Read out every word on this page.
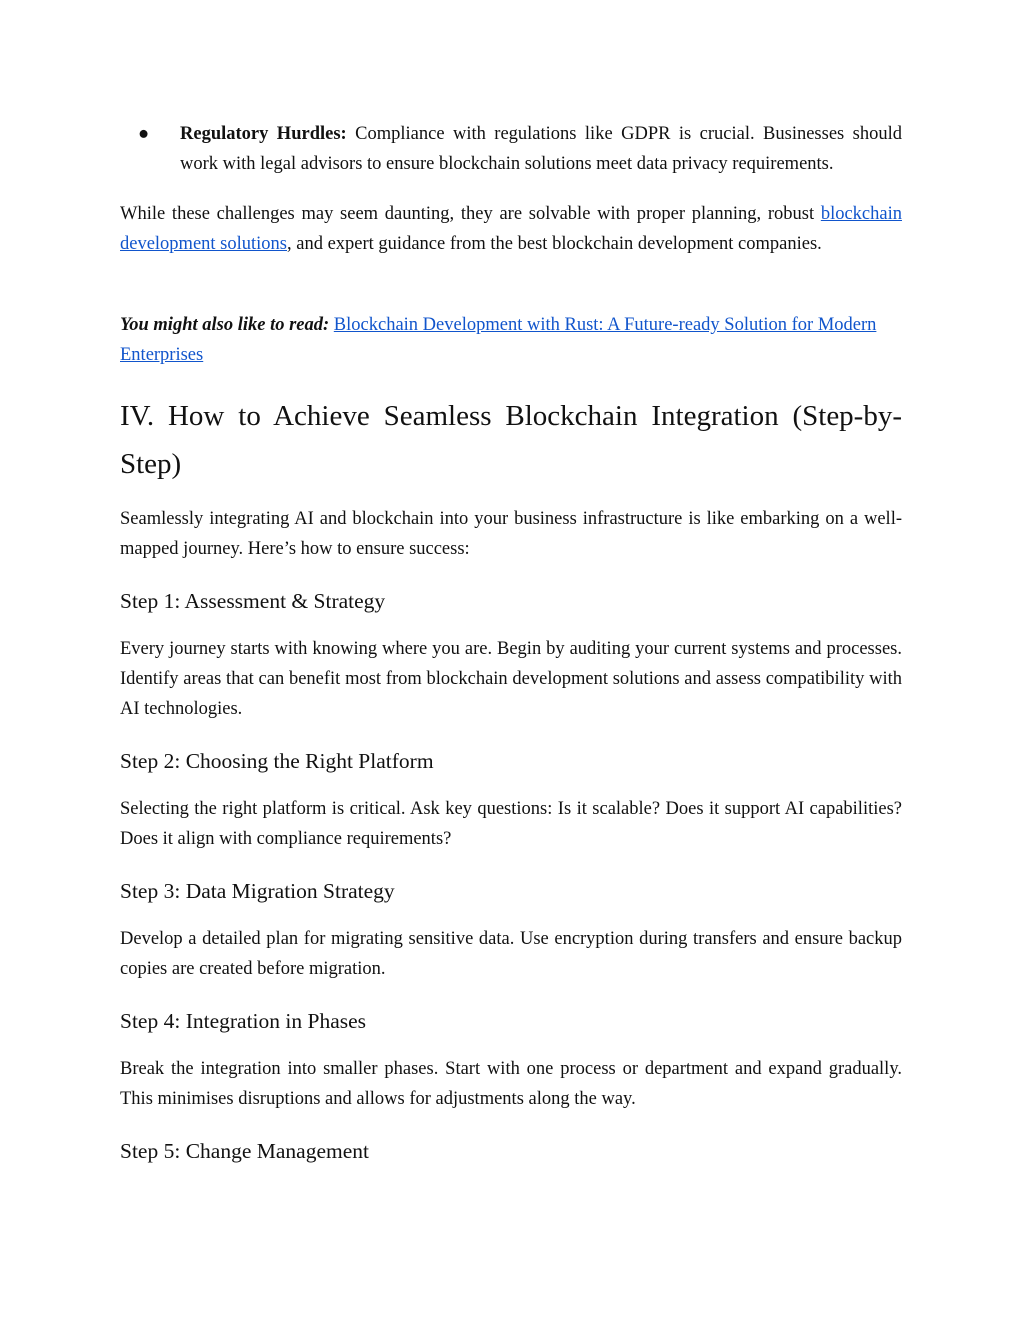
●	Regulatory Hurdles: Compliance with regulations like GDPR is crucial. Businesses should work with legal advisors to ensure blockchain solutions meet data privacy requirements.
While these challenges may seem daunting, they are solvable with proper planning, robust blockchain development solutions, and expert guidance from the best blockchain development companies.
You might also like to read: Blockchain Development with Rust: A Future-ready Solution for Modern Enterprises
IV. How to Achieve Seamless Blockchain Integration (Step-by-Step)
Seamlessly integrating AI and blockchain into your business infrastructure is like embarking on a well-mapped journey. Here’s how to ensure success:
Step 1: Assessment & Strategy
Every journey starts with knowing where you are. Begin by auditing your current systems and processes. Identify areas that can benefit most from blockchain development solutions and assess compatibility with AI technologies.
Step 2: Choosing the Right Platform
Selecting the right platform is critical. Ask key questions: Is it scalable? Does it support AI capabilities? Does it align with compliance requirements?
Step 3: Data Migration Strategy
Develop a detailed plan for migrating sensitive data. Use encryption during transfers and ensure backup copies are created before migration.
Step 4: Integration in Phases
Break the integration into smaller phases. Start with one process or department and expand gradually. This minimises disruptions and allows for adjustments along the way.
Step 5: Change Management
